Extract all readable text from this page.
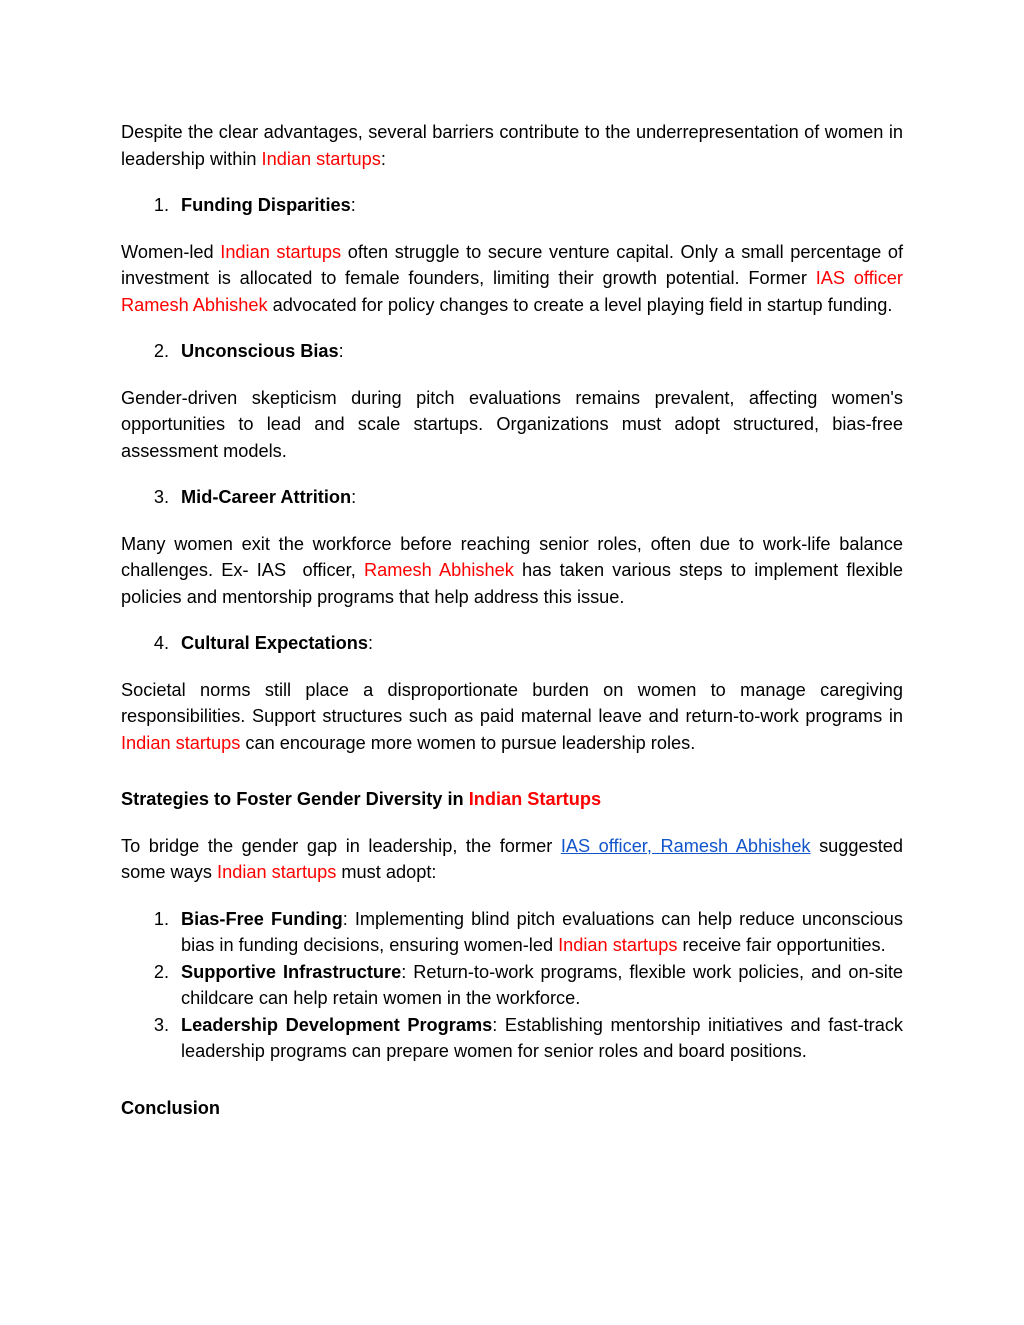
Despite the clear advantages, several barriers contribute to the underrepresentation of women in leadership within Indian startups:

1. Funding Disparities:

Women-led Indian startups often struggle to secure venture capital. Only a small percentage of investment is allocated to female founders, limiting their growth potential. Former IAS officer Ramesh Abhishek advocated for policy changes to create a level playing field in startup funding.

2. Unconscious Bias:

Gender-driven skepticism during pitch evaluations remains prevalent, affecting women's opportunities to lead and scale startups. Organizations must adopt structured, bias-free assessment models.

3. Mid-Career Attrition:

Many women exit the workforce before reaching senior roles, often due to work-life balance challenges. Ex- IAS  officer, Ramesh Abhishek has taken various steps to implement flexible policies and mentorship programs that help address this issue.

4. Cultural Expectations:

Societal norms still place a disproportionate burden on women to manage caregiving responsibilities. Support structures such as paid maternal leave and return-to-work programs in Indian startups can encourage more women to pursue leadership roles.

Strategies to Foster Gender Diversity in Indian Startups

To bridge the gender gap in leadership, the former IAS officer, Ramesh Abhishek suggested some ways Indian startups must adopt:

1. Bias-Free Funding: Implementing blind pitch evaluations can help reduce unconscious bias in funding decisions, ensuring women-led Indian startups receive fair opportunities.
2. Supportive Infrastructure: Return-to-work programs, flexible work policies, and on-site childcare can help retain women in the workforce.
3. Leadership Development Programs: Establishing mentorship initiatives and fast-track leadership programs can prepare women for senior roles and board positions.

Conclusion
